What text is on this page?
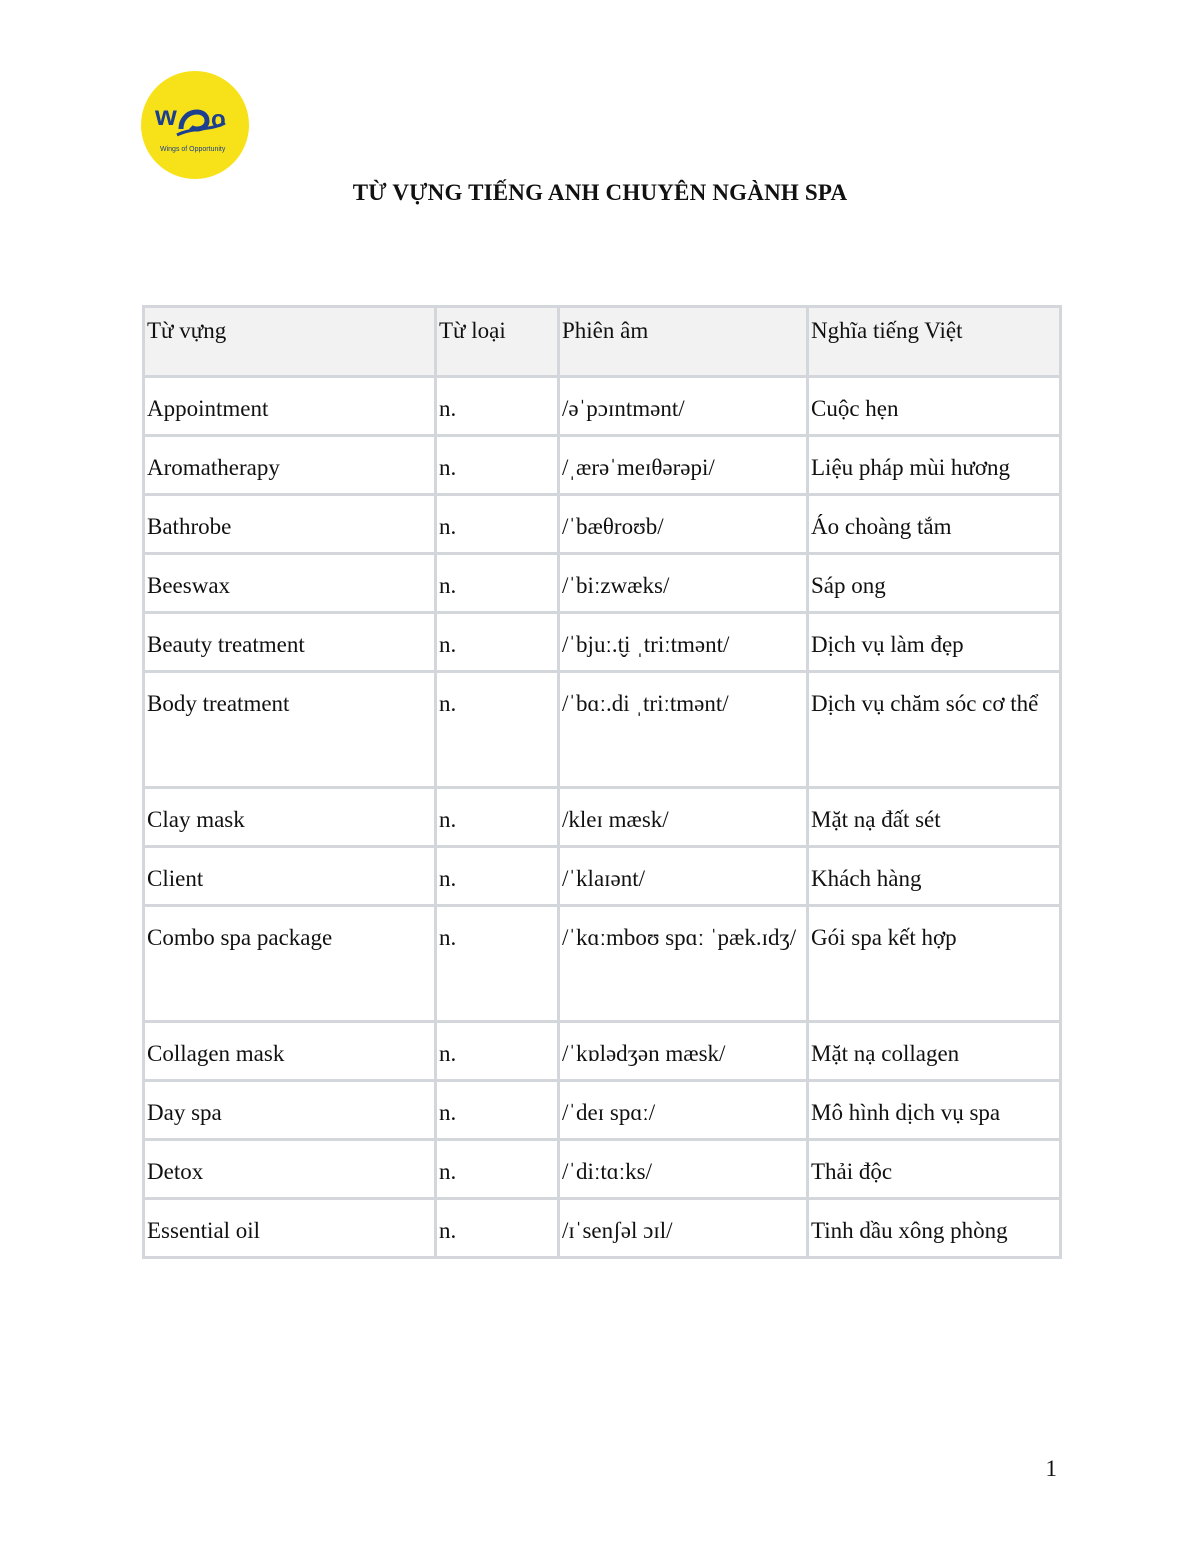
w o
Wings of Opportunity
TỪ VỰNG TIẾNG ANH CHUYÊN NGÀNH SPA
Từ vựng	Từ loại	Phiên âm	Nghĩa tiếng Việt

Appointment	n.	/əˈpɔɪntmənt/	Cuộc hẹn
Aromatherapy	n.	/ˌærəˈmeɪθərəpi/	Liệu pháp mùi hương
Bathrobe	n.	/ˈbæθroʊb/	Áo choàng tắm
Beeswax	n.	/ˈbiːzwæks/	Sáp ong
Beauty treatment	n.	/ˈbjuː.t̬i ˌtriːtmənt/	Dịch vụ làm đẹp
Body treatment	n.	/ˈbɑː.di ˌtriːtmənt/	Dịch vụ chăm sóc cơ thể
Clay mask	n.	/kleɪ mæsk/	Mặt nạ đất sét
Client	n.	/ˈklaɪənt/	Khách hàng
Combo spa package	n.	/ˈkɑːmboʊ spɑː ˈpæk.ɪdʒ/	Gói spa kết hợp
Collagen mask	n.	/ˈkɒlədʒən mæsk/	Mặt nạ collagen
Day spa	n.	/ˈdeɪ spɑː/	Mô hình dịch vụ spa
Detox	n.	/ˈdiːtɑːks/	Thải độc
Essential oil	n.	/ɪˈsenʃəl ɔɪl/	Tinh dầu xông phòng
1
